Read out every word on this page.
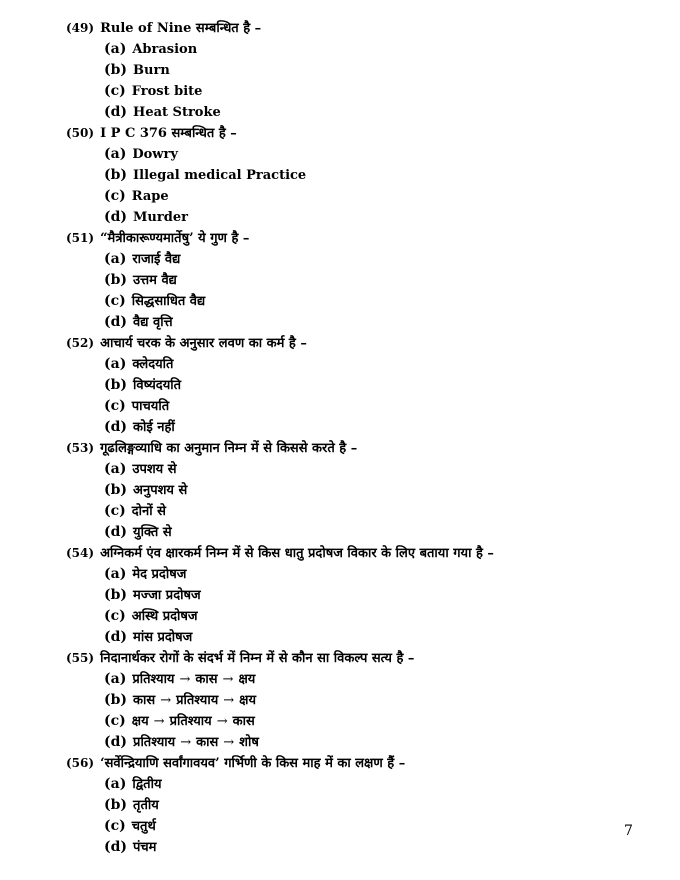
7
(49) Rule of Nine सम्बन्धित है –
(a) Abrasion
(b) Burn
(c) Frost bite
(d) Heat Stroke
(50) I P C 376 सम्बन्धित है –
(a) Dowry
(b) Illegal medical Practice
(c) Rape
(d) Murder
(51) “मैत्रीकारूण्यमार्तेषु’ ये गुण है –
(a) राजाई वैद्य
(b) उत्तम वैद्य
(c) सिद्धसाधित वैद्य
(d) वैद्य वृत्ति
(52) आचार्य चरक के अनुसार लवण का कर्म है –
(a) क्लेदयति
(b) विष्यंदयति
(c) पाचयति
(d) कोई नहीं
(53) गूढलिङ्गव्याधि का अनुमान निम्न में से किससे करते है –
(a) उपशय से
(b) अनुपशय से
(c) दोनों से
(d) युक्ति से
(54) अग्निकर्म एंव क्षारकर्म निम्न में से किस धातु प्रदोषज विकार के लिए बताया गया है –
(a) मेद प्रदोषज
(b) मज्जा प्रदोषज
(c) अस्थि प्रदोषज
(d) मांस प्रदोषज
(55) निदानार्थकर रोगों के संदर्भ में निम्न में से कौन सा विकल्प सत्य है –
(a) प्रतिश्याय → कास → क्षय
(b) कास → प्रतिश्याय → क्षय
(c) क्षय → प्रतिश्याय → कास
(d) प्रतिश्याय → कास → शोष
(56) ‘सर्वेन्द्रियाणि सर्वांगावयव’ गर्भिणी के किस माह में का लक्षण हैं –
(a) द्वितीय
(b) तृतीय
(c) चतुर्थ
(d) पंचम
